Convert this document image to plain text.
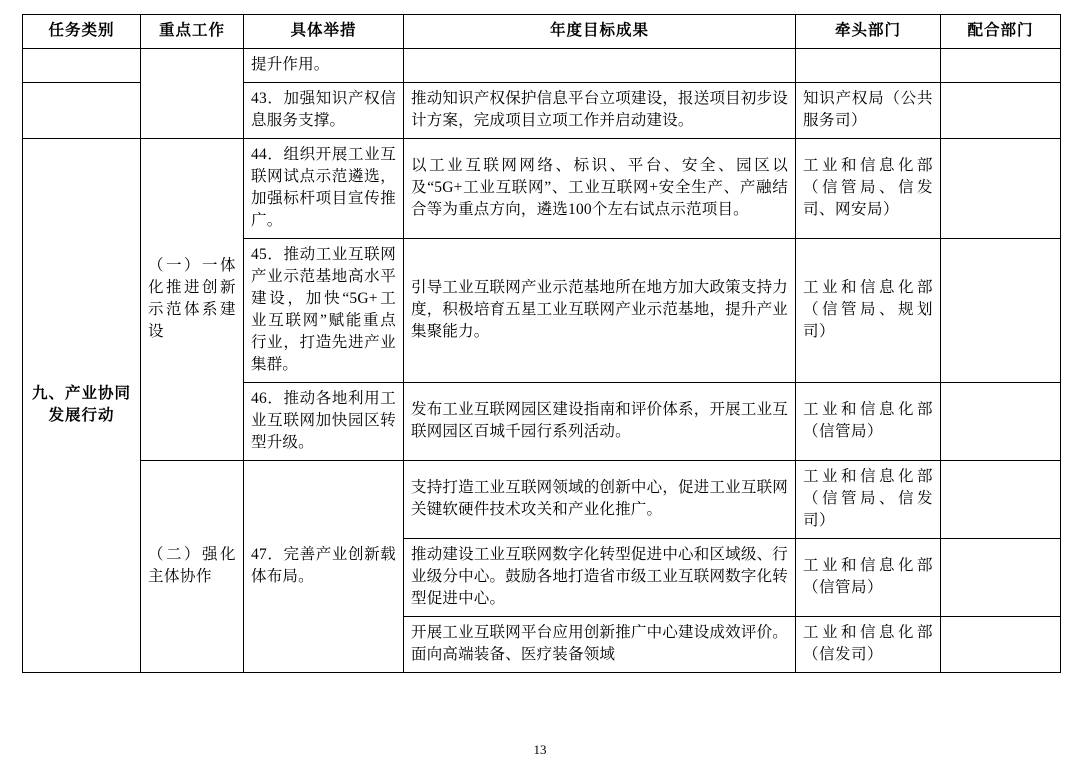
任务类别	重点工作	具体举措	年度目标成果	牵头部门	配合部门
		提升作用。			
		43．加强知识产权信息服务支撑。	推动知识产权保护信息平台立项建设，报送项目初步设计方案，完成项目立项工作并启动建设。	知识产权局（公共服务司）	
九、产业协同发展行动	（一）一体化推进创新示范体系建设	44．组织开展工业互联网试点示范遴选，加强标杆项目宣传推广。	以工业互联网网络、标识、平台、安全、园区以及“5G+工业互联网”、工业互联网+安全生产、产融结合等为重点方向，遴选100个左右试点示范项目。	工业和信息化部（信管局、信发司、网安局）	
		45．推动工业互联网产业示范基地高水平建设，加快“5G+工业互联网”赋能重点行业，打造先进产业集群。	引导工业互联网产业示范基地所在地方加大政策支持力度，积极培育五星工业互联网产业示范基地，提升产业集聚能力。	工业和信息化部（信管局、规划司）	
		46．推动各地利用工业互联网加快园区转型升级。	发布工业互联网园区建设指南和评价体系，开展工业互联网园区百城千园行系列活动。	工业和信息化部（信管局）	
	（二）强化主体协作	47．完善产业创新载体布局。	支持打造工业互联网领域的创新中心，促进工业互联网关键软硬件技术攻关和产业化推广。	工业和信息化部（信管局、信发司）	
			推动建设工业互联网数字化转型促进中心和区域级、行业级分中心。鼓励各地打造省市级工业互联网数字化转型促进中心。	工业和信息化部（信管局）	
			开展工业互联网平台应用创新推广中心建设成效评价。面向高端装备、医疗装备领域	工业和信息化部（信发司）	
13
